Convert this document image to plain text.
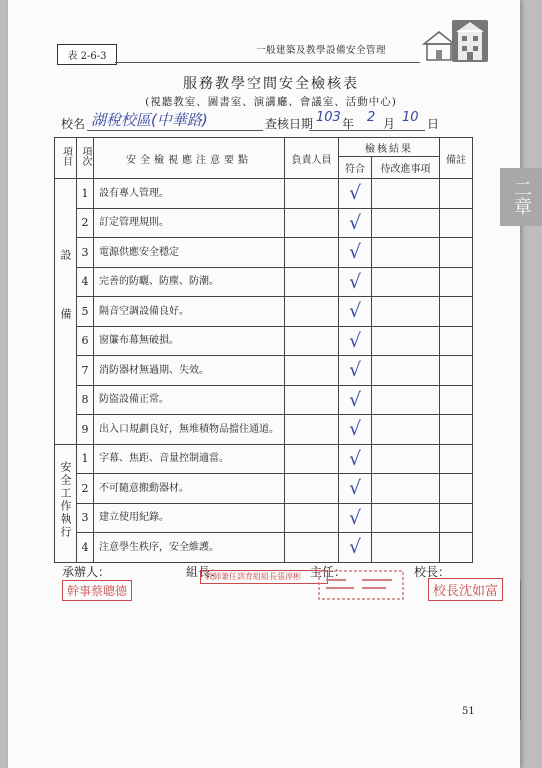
表 2-6-3
一般建築及教學設備安全管理
二章
服務教學空間安全檢核表
(視聽教室、圖書室、演講廳、會議室、活動中心)
校名 湖稅校區(中華路)	查核日期 103 年 2 月 10 日
項目	項次	安全檢視應注意要點	負責人員	檢核結果		備註
				符合	待改進事項	
設備	1	設有專人管理。		√		
	2	訂定管理規則。		√		
	3	電源供應安全穩定		√		
	4	完善的防曬、防塵、防潮。		√		
	5	隔音空調設備良好。		√		
	6	窗簾布幕無破損。		√		
	7	消防器材無過期、失效。		√		
	8	防盜設備正常。		√		
	9	出入口規劃良好，無堆積物品擋住通道。		√		
安全工作執行	1	字幕、焦距、音量控制適當。		√		
	2	不可隨意搬動器材。		√		
	3	建立使用紀錄。		√		
	4	注意學生秩序，安全維護。		√		
承辦人：	組長：	主任：	校長：
幹事蔡聰德
教師兼任訓育組組長張淳彬
校長沈如富
51
